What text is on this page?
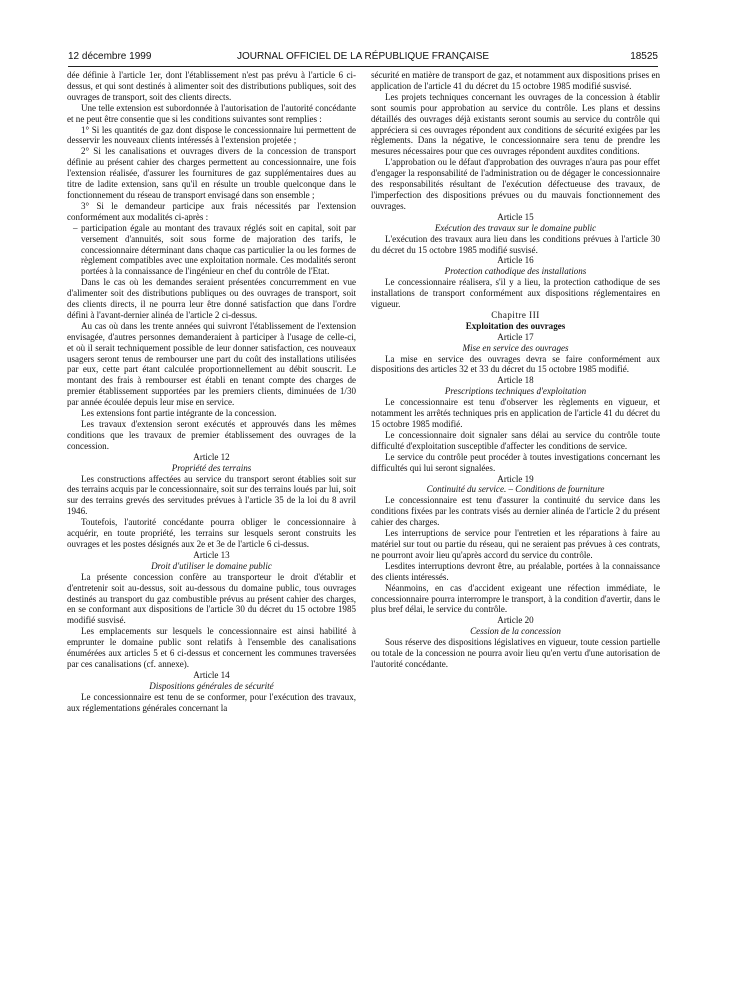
12 décembre 1999	JOURNAL OFFICIEL DE LA RÉPUBLIQUE FRANÇAISE	18525

dée définie à l'article 1er, dont l'établissement n'est pas prévu à l'article 6 ci-dessus, et qui sont destinés à alimenter soit des distributions publiques, soit des ouvrages de transport, soit des clients directs.

Une telle extension est subordonnée à l'autorisation de l'autorité concédante et ne peut être consentie que si les conditions suivantes sont remplies :

1° Si les quantités de gaz dont dispose le concessionnaire lui permettent de desservir les nouveaux clients intéressés à l'extension projetée ;

2° Si les canalisations et ouvrages divers de la concession de transport définie au présent cahier des charges permettent au concessionnaire, une fois l'extension réalisée, d'assurer les fournitures de gaz supplémentaires dues au titre de ladite extension, sans qu'il en résulte un trouble quelconque dans le fonctionnement du réseau de transport envisagé dans son ensemble ;

3° Si le demandeur participe aux frais nécessités par l'extension conformément aux modalités ci-après :

– participation égale au montant des travaux réglés soit en capital, soit par versement d'annuités, soit sous forme de majoration des tarifs, le concessionnaire déterminant dans chaque cas particulier la ou les formes de règlement compatibles avec une exploitation normale. Ces modalités seront portées à la connaissance de l'ingénieur en chef du contrôle de l'Etat.

Dans le cas où les demandes seraient présentées concurremment en vue d'alimenter soit des distributions publiques ou des ouvrages de transport, soit des clients directs, il ne pourra leur être donné satisfaction que dans l'ordre défini à l'avant-dernier alinéa de l'article 2 ci-dessus.

Au cas où dans les trente années qui suivront l'établissement de l'extension envisagée, d'autres personnes demanderaient à participer à l'usage de celle-ci, et où il serait techniquement possible de leur donner satisfaction, ces nouveaux usagers seront tenus de rembourser une part du coût des installations utilisées par eux, cette part étant calculée proportionnellement au débit souscrit. Le montant des frais à rembourser est établi en tenant compte des charges de premier établissement supportées par les premiers clients, diminuées de 1/30 par année écoulée depuis leur mise en service.

Les extensions font partie intégrante de la concession.

Les travaux d'extension seront exécutés et approuvés dans les mêmes conditions que les travaux de premier établissement des ouvrages de la concession.

Article 12

Propriété des terrains

Les constructions affectées au service du transport seront établies soit sur des terrains acquis par le concessionnaire, soit sur des terrains loués par lui, soit sur des terrains grevés des servitudes prévues à l'article 35 de la loi du 8 avril 1946.

Toutefois, l'autorité concédante pourra obliger le concessionnaire à acquérir, en toute propriété, les terrains sur lesquels seront construits les ouvrages et les postes désignés aux 2e et 3e de l'article 6 ci-dessus.

Article 13

Droit d'utiliser le domaine public

La présente concession confère au transporteur le droit d'établir et d'entretenir soit au-dessus, soit au-dessous du domaine public, tous ouvrages destinés au transport du gaz combustible prévus au présent cahier des charges, en se conformant aux dispositions de l'article 30 du décret du 15 octobre 1985 modifié susvisé.

Les emplacements sur lesquels le concessionnaire est ainsi habilité à emprunter le domaine public sont relatifs à l'ensemble des canalisations énumérées aux articles 5 et 6 ci-dessus et concernent les communes traversées par ces canalisations (cf. annexe).

Article 14

Dispositions générales de sécurité

Le concessionnaire est tenu de se conformer, pour l'exécution des travaux, aux réglementations générales concernant la

sécurité en matière de transport de gaz, et notamment aux dispositions prises en application de l'article 41 du décret du 15 octobre 1985 modifié susvisé.

Les projets techniques concernant les ouvrages de la concession à établir sont soumis pour approbation au service du contrôle. Les plans et dessins détaillés des ouvrages déjà existants seront soumis au service du contrôle qui appréciera si ces ouvrages répondent aux conditions de sécurité exigées par les règlements. Dans la négative, le concessionnaire sera tenu de prendre les mesures nécessaires pour que ces ouvrages répondent auxdites conditions.

L'approbation ou le défaut d'approbation des ouvrages n'aura pas pour effet d'engager la responsabilité de l'administration ou de dégager le concessionnaire des responsabilités résultant de l'exécution défectueuse des travaux, de l'imperfection des dispositions prévues ou du mauvais fonctionnement des ouvrages.

Article 15

Exécution des travaux sur le domaine public

L'exécution des travaux aura lieu dans les conditions prévues à l'article 30 du décret du 15 octobre 1985 modifié susvisé.

Article 16

Protection cathodique des installations

Le concessionnaire réalisera, s'il y a lieu, la protection cathodique de ses installations de transport conformément aux dispositions réglementaires en vigueur.

Chapitre III

Exploitation des ouvrages

Article 17

Mise en service des ouvrages

La mise en service des ouvrages devra se faire conformément aux dispositions des articles 32 et 33 du décret du 15 octobre 1985 modifié.

Article 18

Prescriptions techniques d'exploitation

Le concessionnaire est tenu d'observer les règlements en vigueur, et notamment les arrêtés techniques pris en application de l'article 41 du décret du 15 octobre 1985 modifié.

Le concessionnaire doit signaler sans délai au service du contrôle toute difficulté d'exploitation susceptible d'affecter les conditions de service.

Le service du contrôle peut procéder à toutes investigations concernant les difficultés qui lui seront signalées.

Article 19

Continuité du service. – Conditions de fourniture

Le concessionnaire est tenu d'assurer la continuité du service dans les conditions fixées par les contrats visés au dernier alinéa de l'article 2 du présent cahier des charges.

Les interruptions de service pour l'entretien et les réparations à faire au matériel sur tout ou partie du réseau, qui ne seraient pas prévues à ces contrats, ne pourront avoir lieu qu'après accord du service du contrôle.

Lesdites interruptions devront être, au préalable, portées à la connaissance des clients intéressés.

Néanmoins, en cas d'accident exigeant une réfection immédiate, le concessionnaire pourra interrompre le transport, à la condition d'avertir, dans le plus bref délai, le service du contrôle.

Article 20

Cession de la concession

Sous réserve des dispositions législatives en vigueur, toute cession partielle ou totale de la concession ne pourra avoir lieu qu'en vertu d'une autorisation de l'autorité concédante.
